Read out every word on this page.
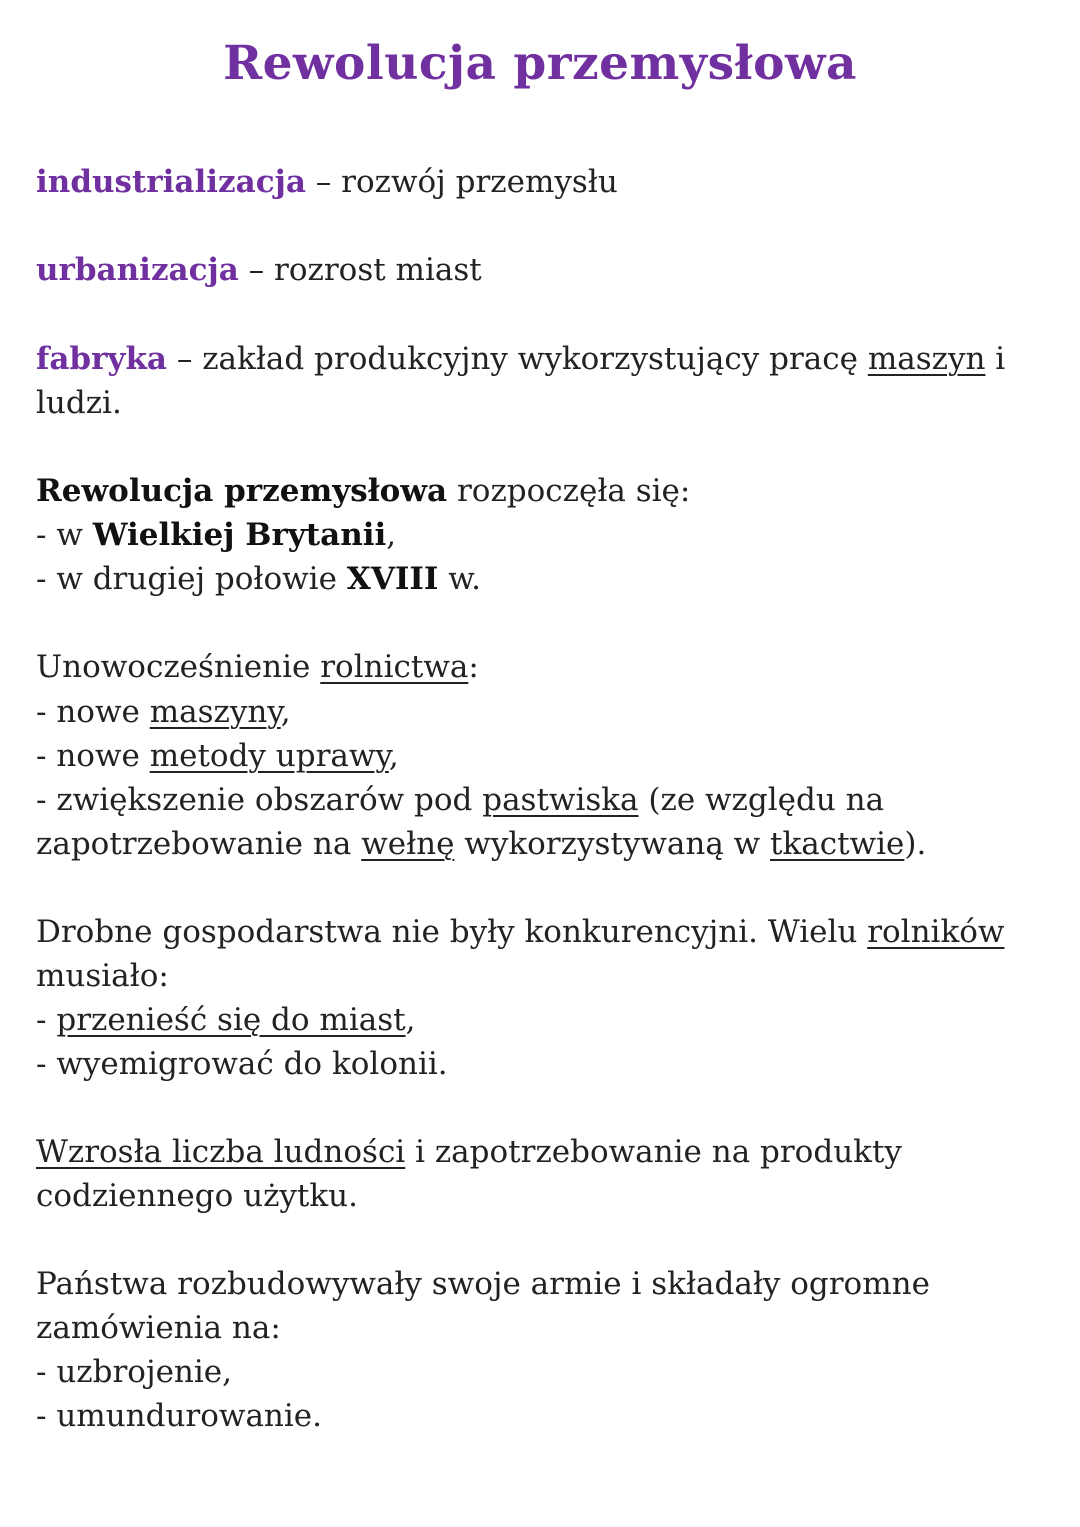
Rewolucja przemysłowa
industrializacja – rozwój przemysłu
urbanizacja – rozrost miast
fabryka – zakład produkcyjny wykorzystujący pracę maszyn i
ludzi.
Rewolucja przemysłowa rozpoczęła się:
- w Wielkiej Brytanii,
- w drugiej połowie XVIII w.
Unowocześnienie rolnictwa:
- nowe maszyny,
- nowe metody uprawy,
- zwiększenie obszarów pod pastwiska (ze względu na
zapotrzebowanie na wełnę wykorzystywaną w tkactwie).
Drobne gospodarstwa nie były konkurencyjni. Wielu rolników
musiało:
- przenieść się do miast,
- wyemigrować do kolonii.
Wzrosła liczba ludności i zapotrzebowanie na produkty
codziennego użytku.
Państwa rozbudowywały swoje armie i składały ogromne
zamówienia na:
- uzbrojenie,
- umundurowanie.
